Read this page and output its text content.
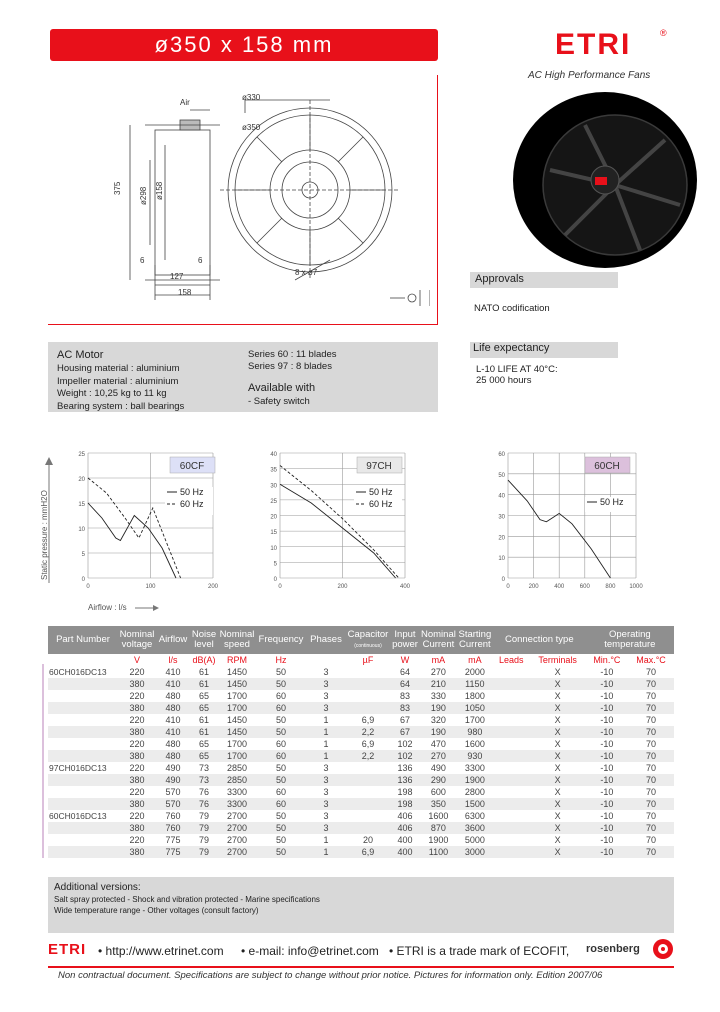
ø350 x 158 mm	ETRI	®
AC High Performance Fans
Air
ø330
ø350
375 ø298 ø158
6	6
127
158
8 x ø7
Approvals
NATO codification
Life expectancy
L-10 LIFE AT 40°C:
25 000 hours
AC Motor
Housing material : aluminium
Impeller material : aluminium
Weight : 10,25 kg to 11 kg
Bearing system : ball bearings
Series 60 : 11 blades
Series 97 : 8 blades
Available with
- Safety switch
Static pressure : mmH2O
Airflow : l/s
0
5
10
15
20
25
0	100	200
60CF
50 Hz
60 Hz
0
5
10
15
20
25
30
35
40
0	200	400
97CH
50 Hz
60 Hz
0
10
20
30
40
50
60
0	200	400	600	800 1000
60CH
50 Hz
Part Number	Nominal voltage	Airflow	Noise level	Nominal speed	Frequency	Phases	Capacitor
(continuous)	Input power	Nominal Current	Starting Current	Connection type		Operating temperature	
	V	l/s	dB(A)	RPM	Hz		µF	W	mA	mA	Leads	Terminals	Min.°C	Max.°C
60CH016DC13	220	410	61	1450	50	3		64	270	2000		X	-10	70
	380	410	61	1450	50	3		64	210	1150		X	-10	70
	220	480	65	1700	60	3		83	330	1800		X	-10	70
	380	480	65	1700	60	3		83	190	1050		X	-10	70
	220	410	61	1450	50	1	6,9	67	320	1700		X	-10	70
	380	410	61	1450	50	1	2,2	67	190	980		X	-10	70
	220	480	65	1700	60	1	6,9	102	470	1600		X	-10	70
	380	480	65	1700	60	1	2,2	102	270	930		X	-10	70
97CH016DC13	220	490	73	2850	50	3		136	490	3300		X	-10	70
	380	490	73	2850	50	3		136	290	1900		X	-10	70
	220	570	76	3300	60	3		198	600	2800		X	-10	70
	380	570	76	3300	60	3		198	350	1500		X	-10	70
60CH016DC13	220	760	79	2700	50	3		406	1600	6300		X	-10	70
	380	760	79	2700	50	3		406	870	3600		X	-10	70
	220	775	79	2700	50	1	20	400	1900	5000		X	-10	70
	380	775	79	2700	50	1	6,9	400	1100	3000		X	-10	70
Additional versions:
Salt spray protected - Shock and vibration protected - Marine specifications
Wide temperature range - Other voltages (consult factory)
ETRI • http://www.etrinet.com • e-mail: info@etrinet.com • ETRI is a trade mark of ECOFIT, rosenberg
Non contractual document. Specifications are subject to change without prior notice. Pictures for information only. Edition 2007/06
